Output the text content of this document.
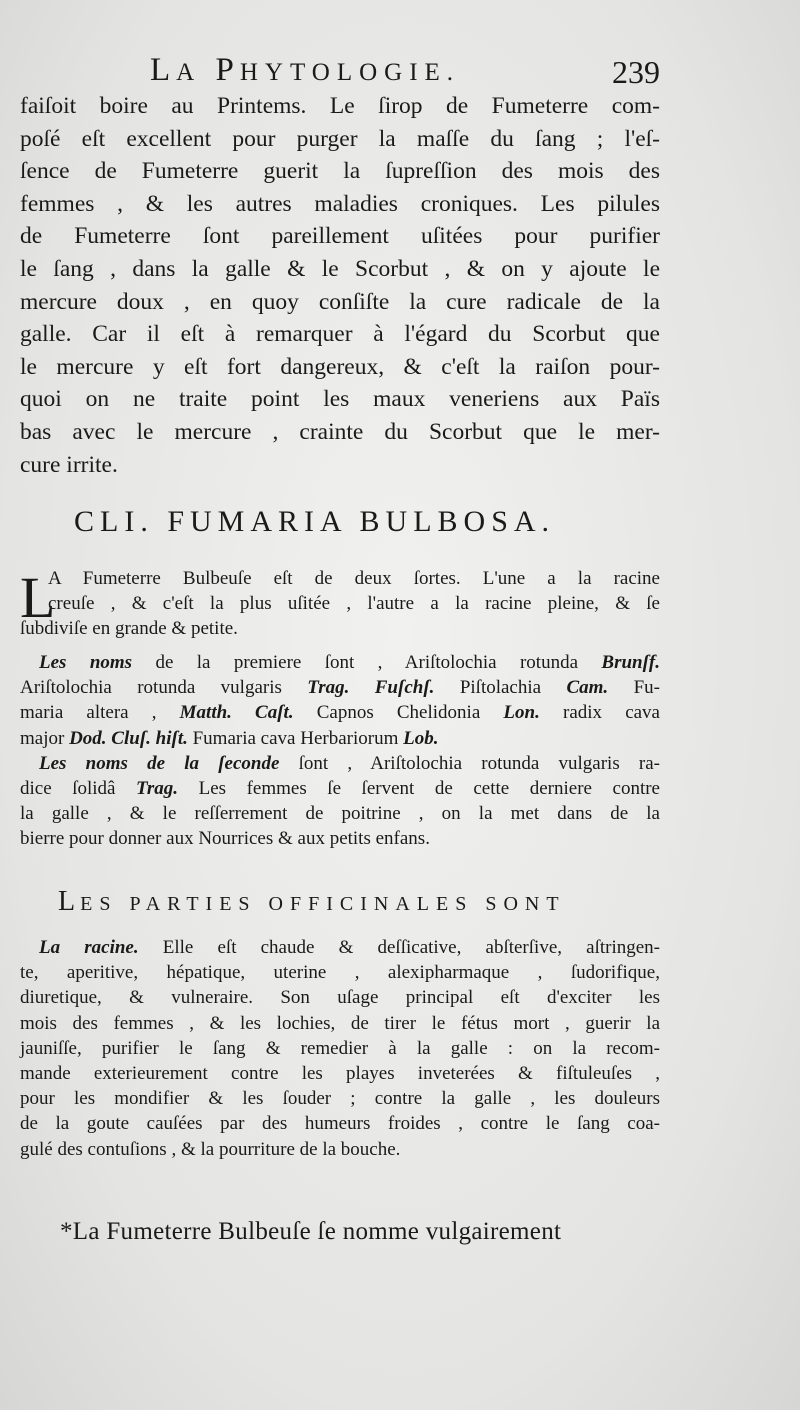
LA PHYTOLOGIE.	239
faiſoit boire au Printems. Le ſirop de Fumeterre com-
poſé eſt excellent pour purger la maſſe du ſang ; l'eſ-
ſence de Fumeterre guerit la ſupreſſion des mois des
femmes , & les autres maladies croniques. Les pilules
de Fumeterre ſont pareillement uſitées pour purifier
le ſang , dans la galle & le Scorbut , & on y ajoute le
mercure doux , en quoy conſiſte la cure radicale de la
galle. Car il eſt à remarquer à l'égard du Scorbut que
le mercure y eſt fort dangereux, & c'eſt la raiſon pour-
quoi on ne traite point les maux veneriens aux Païs
bas avec le mercure , crainte du Scorbut que le mer-
cure irrite.
CLI. FUMARIA BULBOSA.
L
A Fumeterre Bulbeuſe eſt de deux ſortes. L'une a la racine
creuſe , & c'eſt la plus uſitée , l'autre a la racine pleine, & ſe
ſubdiviſe en grande & petite.
 Les noms de la premiere ſont , Ariſtolochia rotunda Brunſf.
Ariſtolochia rotunda vulgaris Trag. Fuſchſ. Piſtolachia Cam. Fu-
maria altera , Matth. Caſt. Capnos Chelidonia Lon. radix cava
major Dod. Cluſ. hiſt. Fumaria cava Herbariorum Lob.
 Les noms de la ſeconde ſont , Ariſtolochia rotunda vulgaris ra-
dice ſolidâ Trag. Les femmes ſe ſervent de cette derniere contre
la galle , & le reſſerrement de poitrine , on la met dans de la
bierre pour donner aux Nourrices & aux petits enfans.
LES PARTIES OFFICINALES SONT
 La racine. Elle eſt chaude & deſſicative, abſterſive, aſtringen-
te, aperitive, hépatique, uterine , alexipharmaque , ſudorifique,
diuretique, & vulneraire. Son uſage principal eſt d'exciter les
mois des femmes , & les lochies, de tirer le fétus mort , guerir la
jauniſſe, purifier le ſang & remedier à la galle : on la recom-
mande exterieurement contre les playes inveterées & fiſtuleuſes ,
pour les mondifier & les ſouder ; contre la galle , les douleurs
de la goute cauſées par des humeurs froides , contre le ſang coa-
gulé des contuſions , & la pourriture de la bouche.
*La Fumeterre Bulbeuſe ſe nomme vulgairement
